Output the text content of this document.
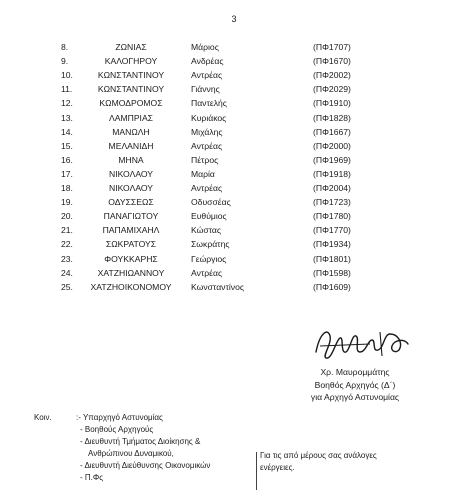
3
8.	ΖΩΝΙΑΣ	Μάριος	(ΠΦ1707)
9.	ΚΑΛΟΓΗΡΟΥ	Ανδρέας	(ΠΦ1670)
10.	ΚΩΝΣΤΑΝΤΙΝΟΥ	Αντρέας	(ΠΦ2002)
11.	ΚΩΝΣΤΑΝΤΙΝΟΥ	Γιάννης	(ΠΦ2029)
12.	ΚΩΜΟΔΡΟΜΟΣ	Παντελής	(ΠΦ1910)
13.	ΛΑΜΠΡΙΑΣ	Κυριάκος	(ΠΦ1828)
14.	ΜΑΝΩΛΗ	Μιχάλης	(ΠΦ1667)
15.	ΜΕΛΑΝΙΔΗ	Αντρέας	(ΠΦ2000)
16.	ΜΗΝΑ	Πέτρος	(ΠΦ1969)
17.	ΝΙΚΟΛΑΟΥ	Μαρία	(ΠΦ1918)
18.	ΝΙΚΟΛΑΟΥ	Αντρέας	(ΠΦ2004)
19.	ΟΔΥΣΣΕΩΣ	Οδυσσέας	(ΠΦ1723)
20.	ΠΑΝΑΓΙΩΤΟΥ	Ευθύμιος	(ΠΦ1780)
21.	ΠΑΠΑΜΙΧΑΗΛ	Κώστας	(ΠΦ1770)
22.	ΣΩΚΡΑΤΟΥΣ	Σωκράτης	(ΠΦ1934)
23.	ΦΟΥΚΚΑΡΗΣ	Γεώργιος	(ΠΦ1801)
24.	ΧΑΤΖΗΙΩΑΝΝΟΥ	Αντρέας	(ΠΦ1598)
25.	ΧΑΤΖΗΟΙΚΟΝΟΜΟΥ	Κωνσταντίνος	(ΠΦ1609)
Χρ. Μαυρομμάτης
Βοηθός Αρχηγός (Δ΄)
για Αρχηγό Αστυνομίας
Κοιν.	:- Υπαρχηγό Αστυνομίας
- Βοηθούς Αρχηγούς
- Διευθυντή Τμήματος Διοίκησης &
Ανθρώπινου Δυναμικού,
- Διευθυντή Διεύθυνσης Οικονομικών
- Π.Φς
Για τις από μέρους σας ανάλογες
ενέργειες.
